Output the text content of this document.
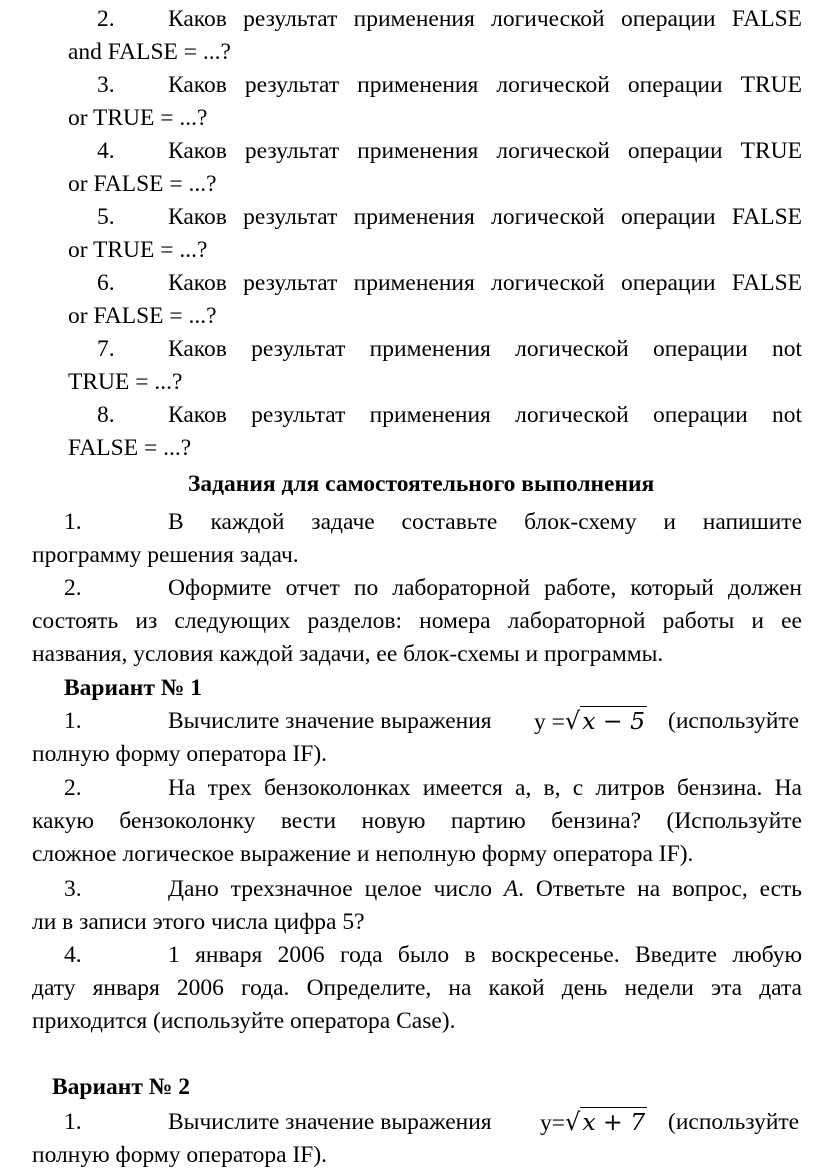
2. Каков результат применения логической операции FALSE
and FALSE = ...?
3. Каков результат применения логической операции TRUE
or TRUE = ...?
4. Каков результат применения логической операции TRUE
or FALSE = ...?
5. Каков результат применения логической операции FALSE
or TRUE = ...?
6. Каков результат применения логической операции FALSE
or FALSE = ...?
7. Каков результат применения логической операции not
TRUE = ...?
8. Каков результат применения логической операции not
FALSE = ...?
Задания для самостоятельного выполнения
1.	В каждой задаче составьте блок-схему и напишите
программу решения задач.
2.	Оформите отчет по лабораторной работе, который должен
состоять из следующих разделов: номера лабораторной работы и ее
названия, условия каждой задачи, ее блок-схемы и программы.
Вариант № 1
1.	Вычислите значение выражения y =√x − 5 (используйте
полную форму оператора IF).
2.	На трех бензоколонках имеется а, в, с литров бензина. На
какую бензоколонку вести новую партию бензина? (Используйте
сложное логическое выражение и неполную форму оператора IF).
3.	Дано трехзначное целое число A. Ответьте на вопрос, есть
ли в записи этого числа цифра 5?
4.	1 января 2006 года было в воскресенье. Введите любую
дату января 2006 года. Определите, на какой день недели эта дата
приходится (используйте оператора Case).
Вариант № 2
1.	Вычислите значение выражения y=√x + 7 (используйте
полную форму оператора IF).
